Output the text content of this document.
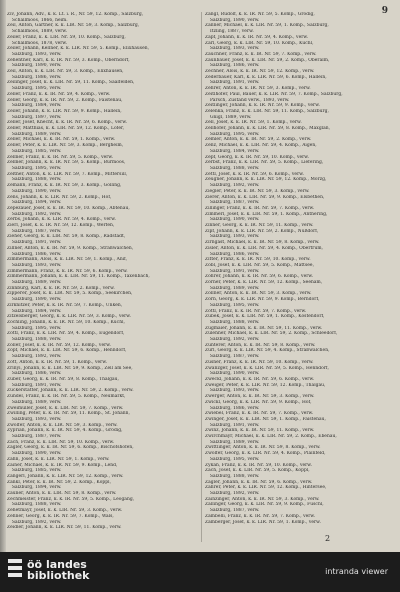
9
Ziv, Johann, Adv., k. k. Lt. i. R., Nr. 59, 12. Komp., Salzburg,
Schallmoos, 1866, heim.
Zeil, Anton, Gärtner, k. k. LIR. Nr. 59, 3. Komp., Salzburg,
Schallmoos, 1889, verw.
Zeiler, Franz, k. k. LIR. Nr. 59, 10. Komp., Salzburg,
Schallmoos, 1878, verw.
Zeiler, Johann, Kellner, k. k. LIR. Nr. 59, 5. Komp., Elixhausen,
Salzburg, 1893, verw.
Zehentner, Karl, k. k. IR. Nr. 59, 3. Komp., Oberndorf,
Salzburg, 1890, verw.
Zeil, Anton, k. k. LIR. Nr. 59, 3. Komp., Elixhausen,
Salzburg, 1886, verw.
Zeilinger, Josef, k. k. LIR. Nr. 59, 11. Komp., Saalfelden,
Salzburg, 1895, verw.
Zeller, Franz, k. k. IR. Nr. 59, 4. Komp., verw.
Zeller, Georg, k. k. IR. Nr. 59, 2. Komp., Faistenau,
Salzburg, 1884, verw.
Zeiler, Johann, k. k. LIR. Nr. 59, 9. Komp., Hallein,
Salzburg, 1897, verw.
Zeller, Josef, Knecht, k. k. IR. Nr. 59, 6. Komp., verw.
Zeller, Matthias, k. k. LIR. Nr. 59, 12. Komp., Lofer,
Salzburg, 1889, verw.
Zeller, Michael, k. k. IR. Nr. 59, 1. Komp., verw.
Zeller, Peter, k. k. LIR. Nr. 59, 3. Komp., Bergheim,
Salzburg, 1885, verw.
Zellner, Franz, k. k. IR. Nr. 59, 5. Komp., verw.
Zellner, Johann, k. k. IR. Nr. 59, 5. Komp., Bürmoos,
Salzburg, 1895, verw.
Zeltner, Anton, k. k. LIR. Nr. 59, 7. Komp., Mittersill,
Salzburg, 1888, verw.
Zemann, Franz, k. k. IR. Nr. 59, 3. Komp., Golling,
Salzburg, 1890, verw.
Zens, Johann, k. k. LIR. Nr. 59, 2. Komp., Hof,
Salzburg, 1894, verw.
Zepezauer, Josef, k. k. IR. Nr. 59, 10. Komp., Abtenau,
Salzburg, 1892, verw.
Zerbs, Johann, k. k. LIR. Nr. 59, 4. Komp., verw.
Zierl, Josef, k. k. IR. Nr. 59, 12. Komp., Werfen,
Salzburg, 1887, verw.
Zieher, Georg, k. k. LIR. Nr. 59, 8. Komp., Radstadt,
Salzburg, 1891, verw.
Zillner, Anton, k. k. IR. Nr. 59, 9. Komp., Straßwalchen,
Salzburg, 1886, verw.
Zimmermann, Alois, k. k. LIR. Nr. 59, 1. Komp., Anif,
Salzburg, 1893, verw.
Zimmermann, Franz, k. k. IR. Nr. 59, 6. Komp., verw.
Zimmermann, Johann, k. k. LIR. Nr. 59, 11. Komp., Taxenbach,
Salzburg, 1889, verw.
Zinnburg, Karl, k. k. IR. Nr. 59, 2. Komp., verw.
Zipperer, Josef, k. k. LIR. Nr. 59, 5. Komp., Seekirchen,
Salzburg, 1890, verw.
Zirknitzer, Peter, k. k. IR. Nr. 59, 7. Komp., Unken,
Salzburg, 1884, verw.
Zitzelsberger, Georg, k. k. LIR. Nr. 59, 3. Komp., verw.
Zöchling, Johann, k. k. IR. Nr. 59, 10. Komp., Kuchl,
Salzburg, 1895, verw.
Zöttl, Franz, k. k. LIR. Nr. 59, 4. Komp., Eugendorf,
Salzburg, 1888, verw.
Zoller, Josef, k. k. IR. Nr. 59, 12. Komp., verw.
Zopf, Michael, k. k. LIR. Nr. 59, 6. Komp., Henndorf,
Salzburg, 1892, verw.
Zott, Anton, k. k. IR. Nr. 59, 1. Komp., verw.
Zrinyi, Johann, k. k. LIR. Nr. 59, 9. Komp., Zell am See,
Salzburg, 1886, verw.
Zuber, Georg, k. k. IR. Nr. 59, 8. Komp., Thalgau,
Salzburg, 1891, verw.
Zuckerstätter, Johann, k. k. LIR. Nr. 59, 2. Komp., verw.
Zündel, Franz, k. k. IR. Nr. 59, 5. Komp., Neumarkt,
Salzburg, 1889, verw.
Zweimüller, Josef, k. k. LIR. Nr. 59, 7. Komp., verw.
Zwilling, Peter, k. k. IR. Nr. 59, 11. Komp., St. Johann,
Salzburg, 1893, verw.
Zwölfer, Anton, k. k. LIR. Nr. 59, 3. Komp., verw.
Zyprian, Johann, k. k. IR. Nr. 59, 4. Komp., Grödig,
Salzburg, 1887, verw.
Zach, Franz, k. k. LIR. Nr. 59, 10. Komp., verw.
Zagler, Georg, k. k. IR. Nr. 59, 6. Komp., Bischofshofen,
Salzburg, 1890, verw.
Zahn, Josef, k. k. LIR. Nr. 59, 1. Komp., verw.
Zainer, Michael, k. k. IR. Nr. 59, 9. Komp., Lend,
Salzburg, 1885, verw.
Zangerl, Johann, k. k. LIR. Nr. 59, 12. Komp., verw.
Zankl, Peter, k. k. IR. Nr. 59, 2. Komp., Koppl,
Salzburg, 1894, verw.
Zauner, Anton, k. k. LIR. Nr. 59, 8. Komp., verw.
Zechmeister, Franz, k. k. IR. Nr. 59, 5. Komp., Leogang,
Salzburg, 1888, verw.
Zehetmayr, Josef, k. k. LIR. Nr. 59, 3. Komp., verw.
Zehner, Georg, k. k. IR. Nr. 59, 7. Komp., Wals,
Salzburg, 1892, verw.
Zeidler, Johann, k. k. LIR. Nr. 59, 11. Komp., verw.
Zangl, Rudolf, k. k. IR. Nr. 59, 5. Komp., Grödig,
Salzburg, 1890, verw.
Zanner, Michael, k. k. LIR. Nr. 59, 1. Komp., Salzburg,
Itzling, 1887, verw.
Zapf, Johann, k. k. IR. Nr. 59, 4. Komp., verw.
Zarl, Georg, k. k. LIR. Nr. 59, 10. Komp., Kuchl,
Salzburg, 1893, verw.
Zauchner, Franz, k. k. IR. Nr. 59, 7. Komp., verw.
Zaunbauer, Josef, k. k. LIR. Nr. 59, 2. Komp., Oberalm,
Salzburg, 1886, verw.
Zechner, Alois, k. k. IR. Nr. 59, 12. Komp., verw.
Zederbauer, Karl, k. k. LIR. Nr. 59, 6. Komp., Hallein,
Salzburg, 1891, verw.
Zehrer, Anton, k. k. IR. Nr. 59, 3. Komp., verw.
Zeitlhofer, Paul, Bauer, k. k. LIR. Nr. 59, 7. Komp., Salzburg,
Parsch, Zustand verw., 1893, verw.
Zeitlinger, Johann, k. k. IR. Nr. 59, 9. Komp., verw.
Zelenka, Franz, k. k. LIR. Nr. 59, 11. Komp., Salzburg,
Gnigl, 1889, verw.
Zell, Josef, k. k. IR. Nr. 59, 1. Komp., verw.
Zellhofer, Johann, k. k. LIR. Nr. 59, 8. Komp., Maxglan,
Salzburg, 1895, verw.
Zemler, Anton, k. k. IR. Nr. 59, 2. Komp., verw.
Zenz, Michael, k. k. LIR. Nr. 59, 4. Komp., Aigen,
Salzburg, 1884, verw.
Zepf, Georg, k. k. IR. Nr. 59, 10. Komp., verw.
Zerbst, Franz, k. k. LIR. Nr. 59, 5. Komp., Liefering,
Salzburg, 1888, verw.
Zettl, Josef, k. k. IR. Nr. 59, 6. Komp., verw.
Zeugner, Johann, k. k. LIR. Nr. 59, 12. Komp., Morzg,
Salzburg, 1892, verw.
Ziegler, Peter, k. k. IR. Nr. 59, 3. Komp., verw.
Zierer, Anton, k. k. LIR. Nr. 59, 9. Komp., Elsbethen,
Salzburg, 1887, verw.
Zillinger, Franz, k. k. IR. Nr. 59, 7. Komp., verw.
Zimmerl, Josef, k. k. LIR. Nr. 59, 1. Komp., Anthering,
Salzburg, 1890, verw.
Zinner, Georg, k. k. IR. Nr. 59, 11. Komp., verw.
Zipf, Johann, k. k. LIR. Nr. 59, 2. Komp., Nußdorf,
Salzburg, 1893, verw.
Zirngast, Michael, k. k. IR. Nr. 59, 8. Komp., verw.
Zisler, Anton, k. k. LIR. Nr. 59, 4. Komp., Obertrum,
Salzburg, 1886, verw.
Zitter, Franz, k. k. IR. Nr. 59, 10. Komp., verw.
Zöbl, Josef, k. k. LIR. Nr. 59, 5. Komp., Mattsee,
Salzburg, 1891, verw.
Zöhrer, Johann, k. k. IR. Nr. 59, 6. Komp., verw.
Zörner, Peter, k. k. LIR. Nr. 59, 12. Komp., Seeham,
Salzburg, 1889, verw.
Zollner, Anton, k. k. IR. Nr. 59, 3. Komp., verw.
Zorn, Georg, k. k. LIR. Nr. 59, 9. Komp., Berndorf,
Salzburg, 1895, verw.
Zottl, Franz, k. k. IR. Nr. 59, 7. Komp., verw.
Zubek, Josef, k. k. LIR. Nr. 59, 1. Komp., Köstendorf,
Salzburg, 1888, verw.
Zugmaier, Johann, k. k. IR. Nr. 59, 11. Komp., verw.
Zulehner, Michael, k. k. LIR. Nr. 59, 2. Komp., Schleedorf,
Salzburg, 1892, verw.
Zunterer, Anton, k. k. IR. Nr. 59, 8. Komp., verw.
Zurl, Georg, k. k. LIR. Nr. 59, 4. Komp., Straßwalchen,
Salzburg, 1887, verw.
Zusner, Franz, k. k. IR. Nr. 59, 10. Komp., verw.
Zwanzger, Josef, k. k. LIR. Nr. 59, 5. Komp., Henndorf,
Salzburg, 1890, verw.
Zweckl, Johann, k. k. IR. Nr. 59, 6. Komp., verw.
Zweiger, Peter, k. k. LIR. Nr. 59, 12. Komp., Thalgau,
Salzburg, 1893, verw.
Zwerger, Anton, k. k. IR. Nr. 59, 3. Komp., verw.
Zwickl, Georg, k. k. LIR. Nr. 59, 9. Komp., Hof,
Salzburg, 1886, verw.
Zwiebel, Franz, k. k. IR. Nr. 59, 7. Komp., verw.
Zwinger, Josef, k. k. LIR. Nr. 59, 1. Komp., Faistenau,
Salzburg, 1891, verw.
Zwinz, Johann, k. k. IR. Nr. 59, 11. Komp., verw.
Zwirchmayr, Michael, k. k. LIR. Nr. 59, 2. Komp., Ebenau,
Salzburg, 1889, verw.
Zwittlinger, Anton, k. k. IR. Nr. 59, 8. Komp., verw.
Zwölfer, Georg, k. k. LIR. Nr. 59, 4. Komp., Plainfeld,
Salzburg, 1895, verw.
Zykan, Franz, k. k. IR. Nr. 59, 10. Komp., verw.
Zach, Josef, k. k. LIR. Nr. 59, 5. Komp., Koppl,
Salzburg, 1888, verw.
Zagler, Johann, k. k. IR. Nr. 59, 6. Komp., verw.
Zahrer, Peter, k. k. LIR. Nr. 59, 12. Komp., Hintersee,
Salzburg, 1892, verw.
Zainzinger, Anton, k. k. IR. Nr. 59, 3. Komp., verw.
Zallinger, Georg, k. k. LIR. Nr. 59, 9. Komp., Fuschl,
Salzburg, 1887, verw.
Zambelli, Franz, k. k. IR. Nr. 59, 7. Komp., verw.
Zamberger, Josef, k. k. LIR. Nr. 59, 1. Komp., verw.
2
öö landes
bibliothek	intranda viewer
